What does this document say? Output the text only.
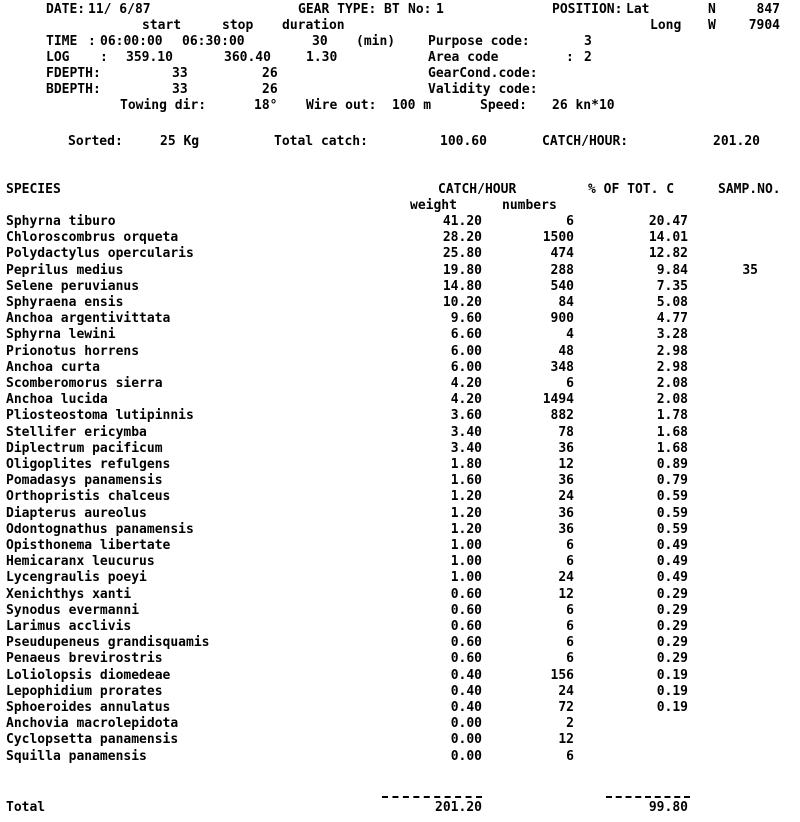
DATE: 11/ 6/87	GEAR TYPE: BT No: 1	POSITION: Lat	N	847
start	stop duration	Long W	7904
TIME : 06:00:00 06:30:00	30 (min)	Purpose code:	3
LOG : 359.10	360.40	1.30	Area code	: 2
FDEPTH:	33	26	GearCond.code:
BDEPTH:	33	26	Validity code:
Towing dir:	18° Wire out: 100 m	Speed: 26 kn*10
Sorted:	25 Kg	Total catch:	100.60	CATCH/HOUR:	201.20
SPECIES	CATCH/HOUR	% OF TOT. C	SAMP.NO.
weight	numbers
Sphyrna tiburo	41.20	6	20.47
Chloroscombrus orqueta	28.20	1500	14.01
Polydactylus opercularis	25.80	474	12.82
Peprilus medius	19.80	288	9.84	35
Selene peruvianus	14.80	540	7.35
Sphyraena ensis	10.20	84	5.08
Anchoa argentivittata	9.60	900	4.77
Sphyrna lewini	6.60	4	3.28
Prionotus horrens	6.00	48	2.98
Anchoa curta	6.00	348	2.98
Scomberomorus sierra	4.20	6	2.08
Anchoa lucida	4.20	1494	2.08
Pliosteostoma lutipinnis	3.60	882	1.78
Stellifer ericymba	3.40	78	1.68
Diplectrum pacificum	3.40	36	1.68
Oligoplites refulgens	1.80	12	0.89
Pomadasys panamensis	1.60	36	0.79
Orthopristis chalceus	1.20	24	0.59
Diapterus aureolus	1.20	36	0.59
Odontognathus panamensis	1.20	36	0.59
Opisthonema libertate	1.00	6	0.49
Hemicaranx leucurus	1.00	6	0.49
Lycengraulis poeyi	1.00	24	0.49
Xenichthys xanti	0.60	12	0.29
Synodus evermanni	0.60	6	0.29
Larimus acclivis	0.60	6	0.29
Pseudupeneus grandisquamis	0.60	6	0.29
Penaeus brevirostris	0.60	6	0.29
Loliolopsis diomedeae	0.40	156	0.19
Lepophidium prorates	0.40	24	0.19
Sphoeroides annulatus	0.40	72	0.19
Anchovia macrolepidota	0.00	2
Cyclopsetta panamensis	0.00	12
Squilla panamensis	0.00	6
Total	201.20	99.80
